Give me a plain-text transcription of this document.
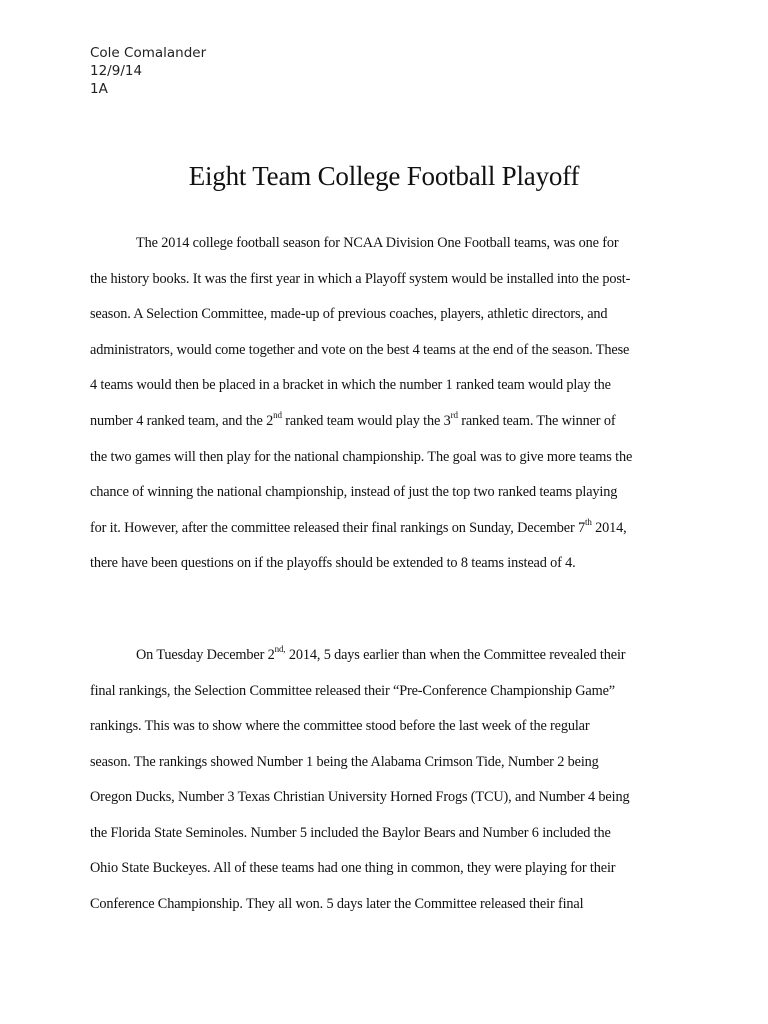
Cole Comalander
12/9/14
1A
Eight Team College Football Playoff
The 2014 college football season for NCAA Division One Football teams, was one for
the history books. It was the first year in which a Playoff system would be installed into the post-
season. A Selection Committee, made-up of previous coaches, players, athletic directors, and
administrators, would come together and vote on the best 4 teams at the end of the season. These
4 teams would then be placed in a bracket in which the number 1 ranked team would play the
number 4 ranked team, and the 2nd ranked team would play the 3rd ranked team. The winner of
the two games will then play for the national championship. The goal was to give more teams the
chance of winning the national championship, instead of just the top two ranked teams playing
for it. However, after the committee released their final rankings on Sunday, December 7th 2014,
there have been questions on if the playoffs should be extended to 8 teams instead of 4.
On Tuesday December $2^{nd,}$ 2014, 5 days earlier than when the Committee revealed their
final rankings, the Selection Committee released their “Pre-Conference Championship Game”
rankings. This was to show where the committee stood before the last week of the regular
season. The rankings showed Number 1 being the Alabama Crimson Tide, Number 2 being
Oregon Ducks, Number 3 Texas Christian University Horned Frogs (TCU), and Number 4 being
the Florida State Seminoles. Number 5 included the Baylor Bears and Number 6 included the
Ohio State Buckeyes. All of these teams had one thing in common, they were playing for their
Conference Championship. They all won. 5 days later the Committee released their final
